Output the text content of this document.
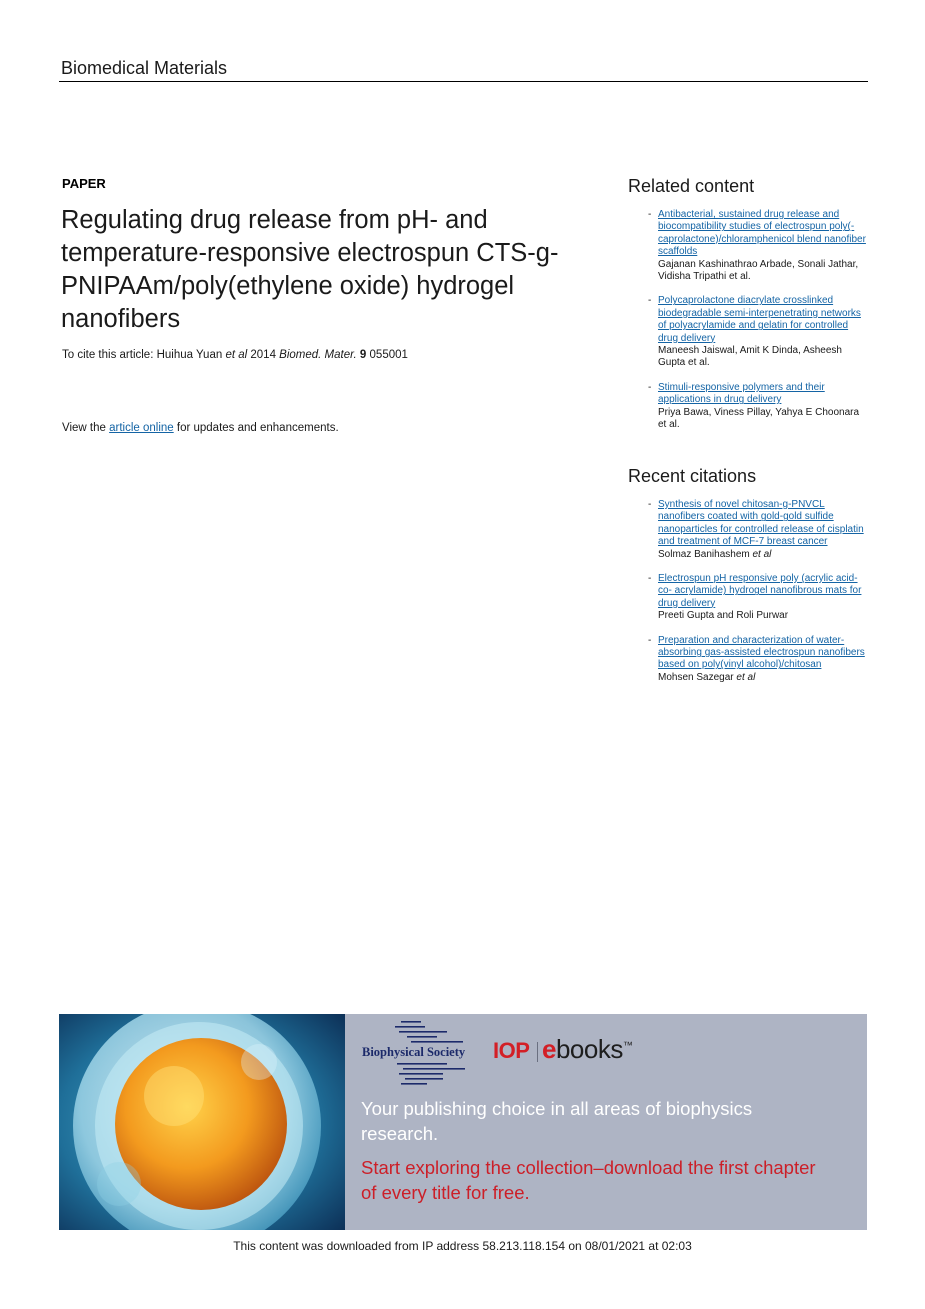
Biomedical Materials
PAPER
Regulating drug release from pH- and temperature-responsive electrospun CTS-g-PNIPAAm/poly(ethylene oxide) hydrogel nanofibers
To cite this article: Huihua Yuan et al 2014 Biomed. Mater. 9 055001
View the article online for updates and enhancements.
Related content
- Antibacterial, sustained drug release and biocompatibility studies of electrospun poly(-caprolactone)/chloramphenicol blend nanofiber scaffolds
Gajanan Kashinathrao Arbade, Sonali Jathar, Vidisha Tripathi et al.
- Polycaprolactone diacrylate crosslinked biodegradable semi-interpenetrating networks of polyacrylamide and gelatin for controlled drug delivery
Maneesh Jaiswal, Amit K Dinda, Asheesh Gupta et al.
- Stimuli-responsive polymers and their applications in drug delivery
Priya Bawa, Viness Pillay, Yahya E Choonara et al.
Recent citations
- Synthesis of novel chitosan-g-PNVCL nanofibers coated with gold-gold sulfide nanoparticles for controlled release of cisplatin and treatment of MCF-7 breast cancer
Solmaz Banihashem et al
- Electrospun pH responsive poly (acrylic acid-co- acrylamide) hydrogel nanofibrous mats for drug delivery
Preeti Gupta and Roli Purwar
- Preparation and characterization of water-absorbing gas-assisted electrospun nanofibers based on poly(vinyl alcohol)/chitosan
Mohsen Sazegar et al
Biophysical Society IOP ebooks™
Your publishing choice in all areas of biophysics research.
Start exploring the collection–download the first chapter of every title for free.
This content was downloaded from IP address 58.213.118.154 on 08/01/2021 at 02:03
